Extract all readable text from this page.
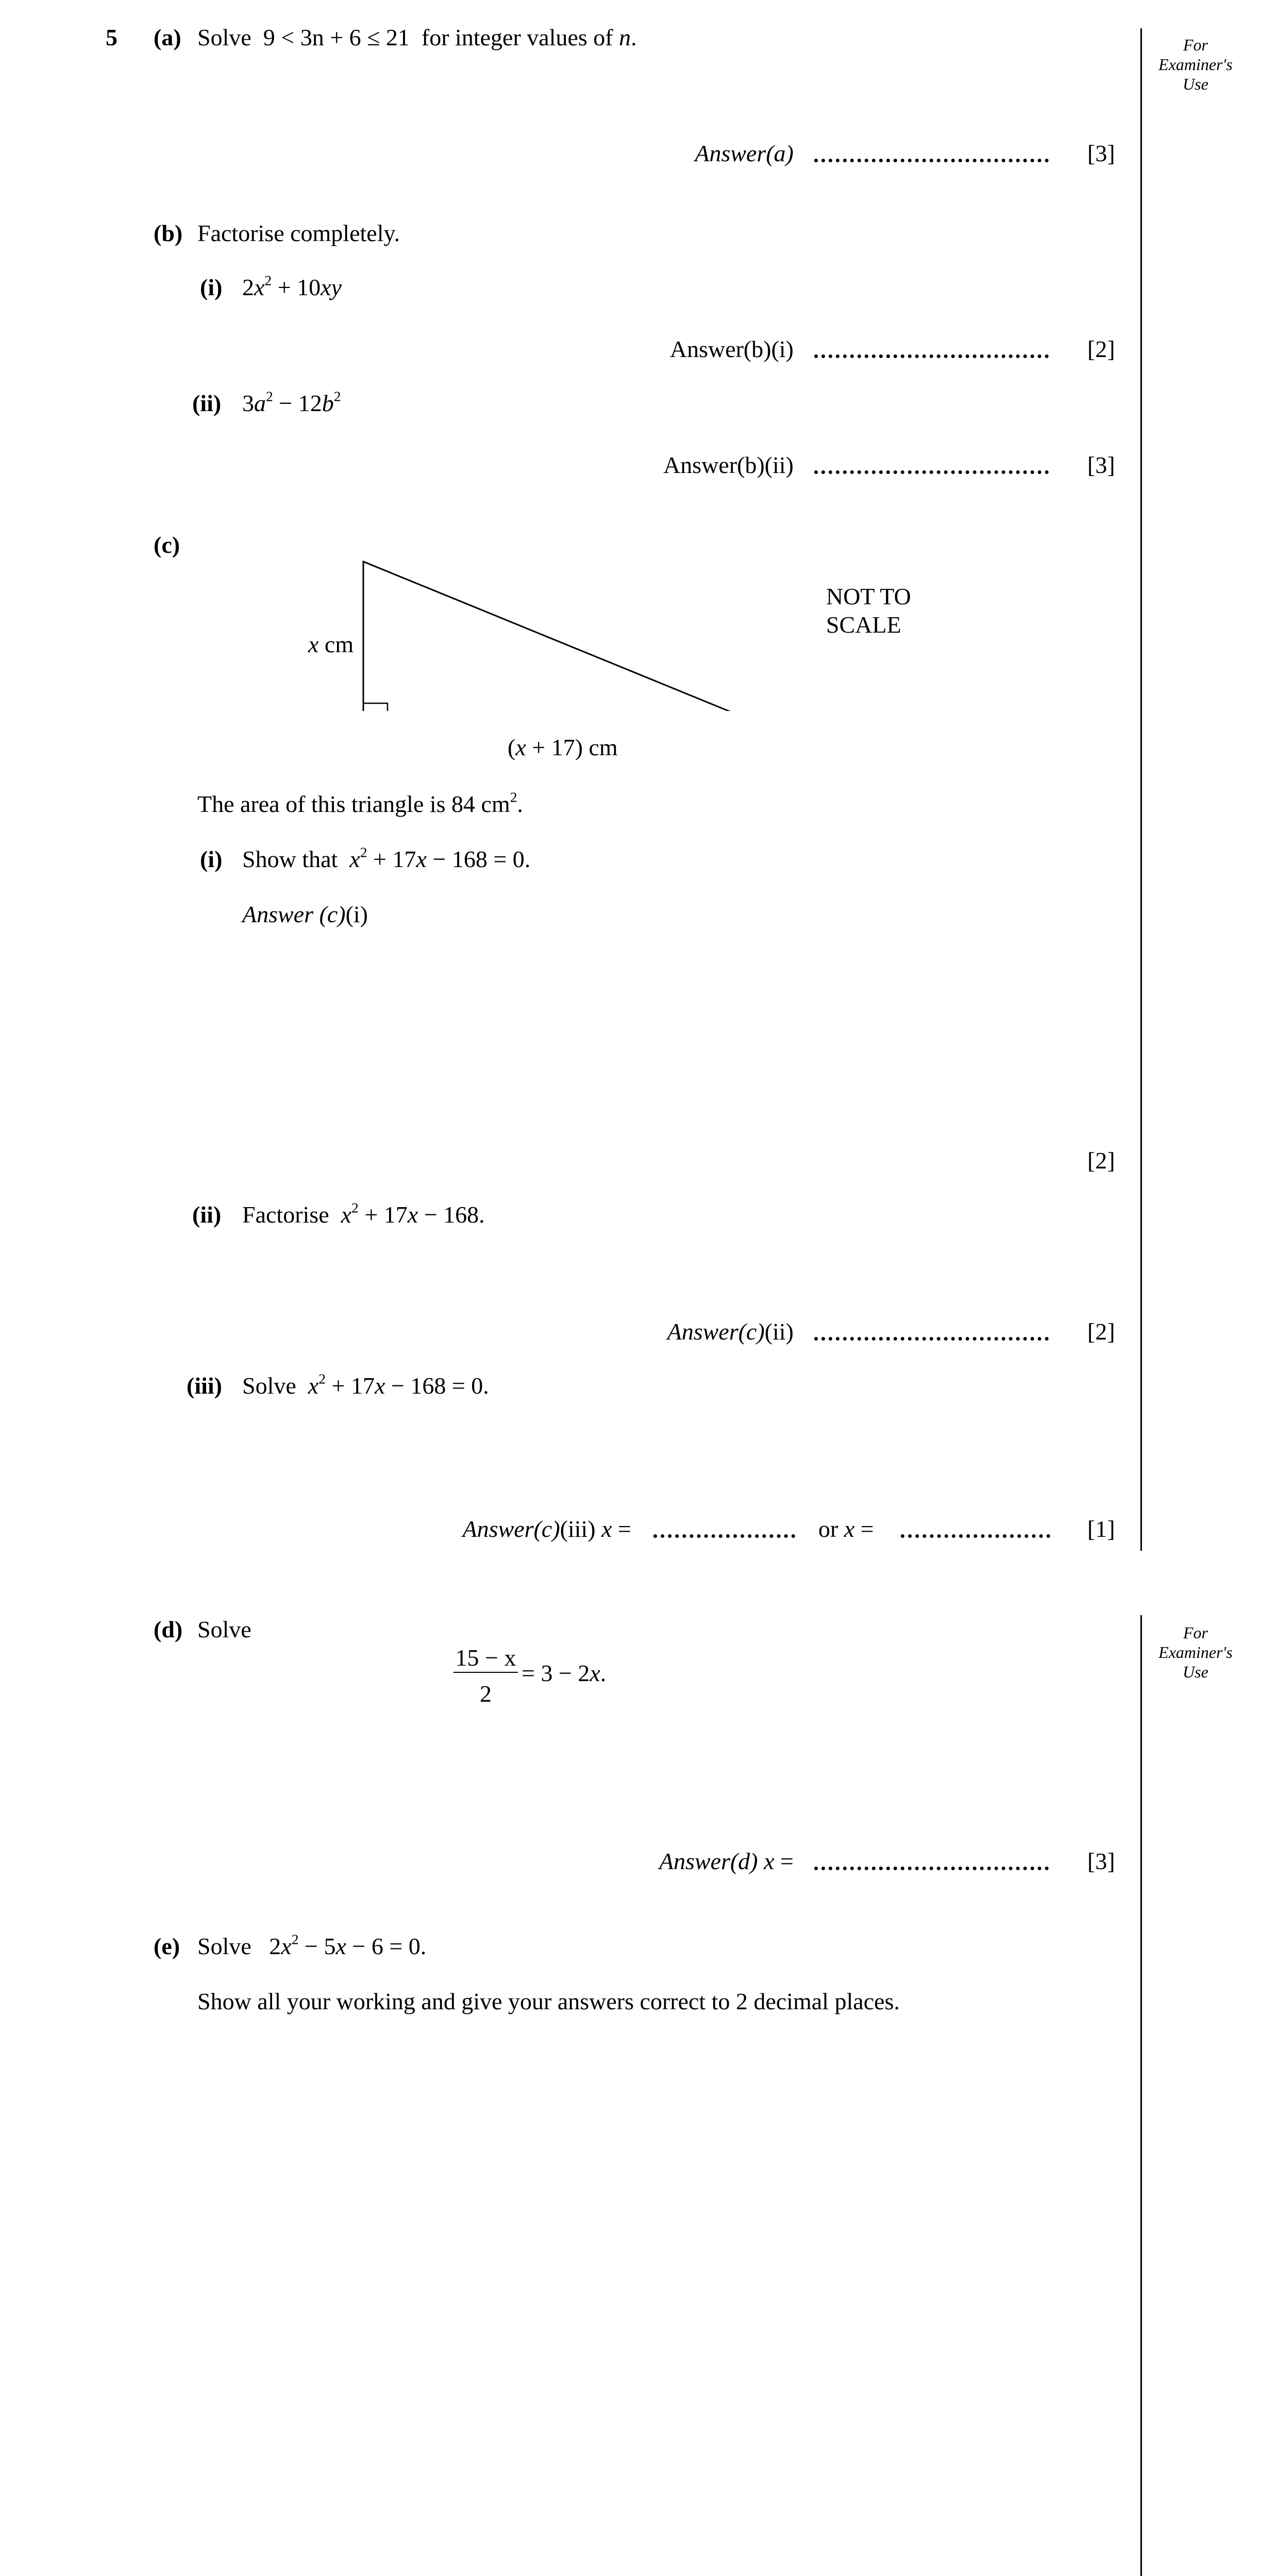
For Examiner's Use
For Examiner's Use
5 (a) Solve 9 < 3n + 6 ≤ 21 for integer values of n.
Answer(a)	[3]
(b) Factorise completely.
(i) $2x^2 + 10xy$
Answer(b)(i)	[2]
(ii) $3a^2 - 12b^2$
Answer(b)(ii)	[3]
(c)
x cm
(x + 17) cm
NOT TO
SCALE
The area of this triangle is 84 $cm^2$.
(i) Show that $x^2 + 17x - 168 = 0$.
Answer (c)(i)
[2]
(ii) Factorise $x^2 + 17x - 168$.
Answer(c)(ii)	[2]
(iii) Solve $x^2 + 17x - 168 = 0$.
Answer(c)(iii) x =	or x =	[1]
(d) Solve
15 − x
2
= 3 − 2x.
Answer(d) x =	[3]
(e) Solve   $2x^2 - 5x - 6 = 0$.
Show all your working and give your answers correct to 2 decimal places.
